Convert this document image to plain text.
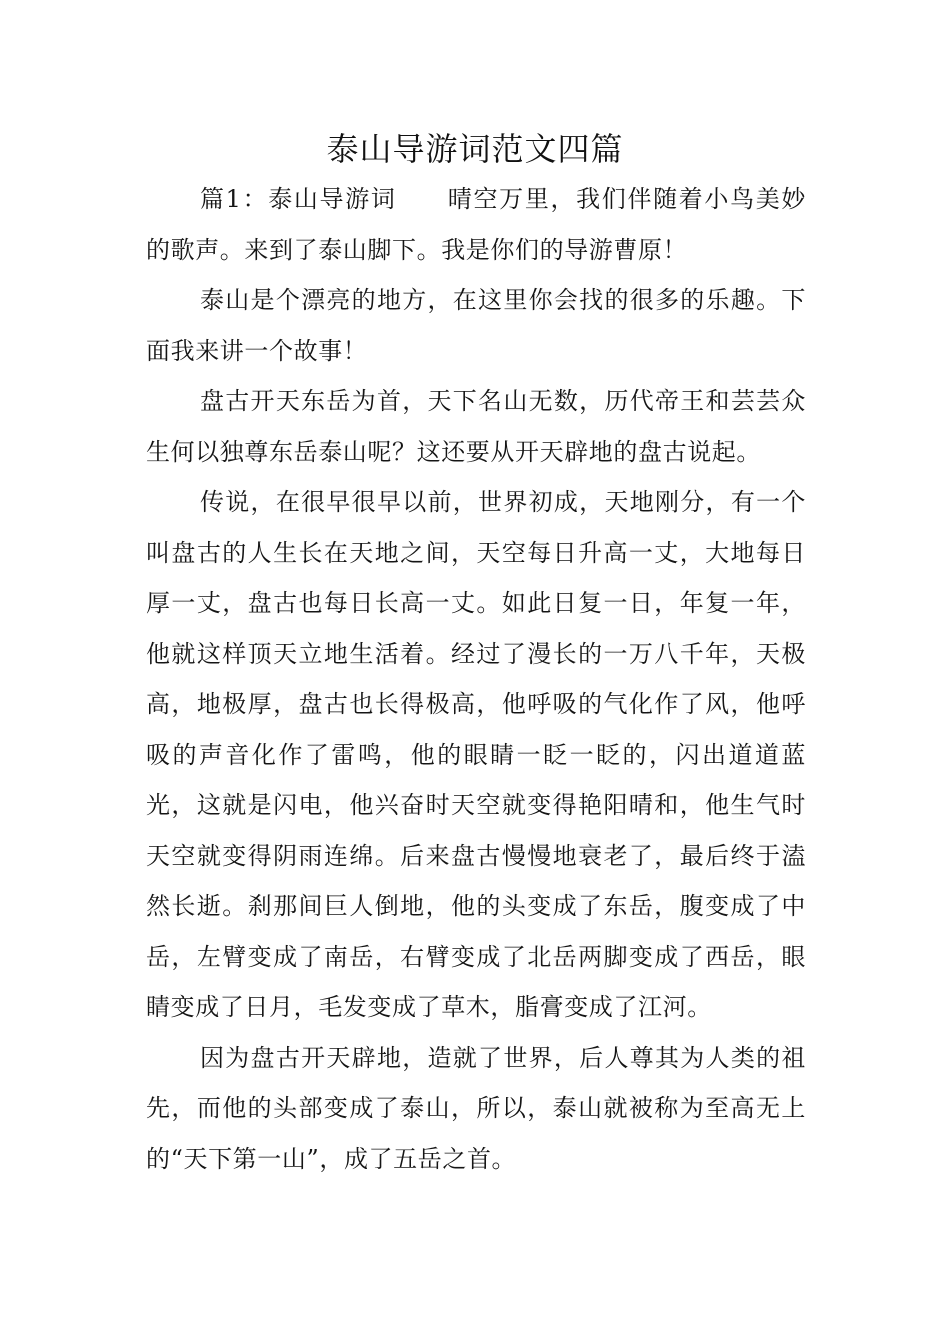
泰山导游词范文四篇

篇1：泰山导游词　　晴空万里，我们伴随着小鸟美妙的歌声。来到了泰山脚下。我是你们的导游曹原！

泰山是个漂亮的地方，在这里你会找的很多的乐趣。下面我来讲一个故事！

盘古开天东岳为首，天下名山无数，历代帝王和芸芸众生何以独尊东岳泰山呢？这还要从开天辟地的盘古说起。

传说，在很早很早以前，世界初成，天地刚分，有一个叫盘古的人生长在天地之间，天空每日升高一丈，大地每日厚一丈，盘古也每日长高一丈。如此日复一日，年复一年，他就这样顶天立地生活着。经过了漫长的一万八千年，天极高，地极厚，盘古也长得极高，他呼吸的气化作了风，他呼吸的声音化作了雷鸣，他的眼睛一眨一眨的，闪出道道蓝光，这就是闪电，他兴奋时天空就变得艳阳晴和，他生气时天空就变得阴雨连绵。后来盘古慢慢地衰老了，最后终于溘然长逝。刹那间巨人倒地，他的头变成了东岳，腹变成了中岳，左臂变成了南岳，右臂变成了北岳两脚变成了西岳，眼睛变成了日月，毛发变成了草木，脂膏变成了江河。

因为盘古开天辟地，造就了世界，后人尊其为人类的祖先，而他的头部变成了泰山，所以，泰山就被称为至高无上的“天下第一山”，成了五岳之首。
